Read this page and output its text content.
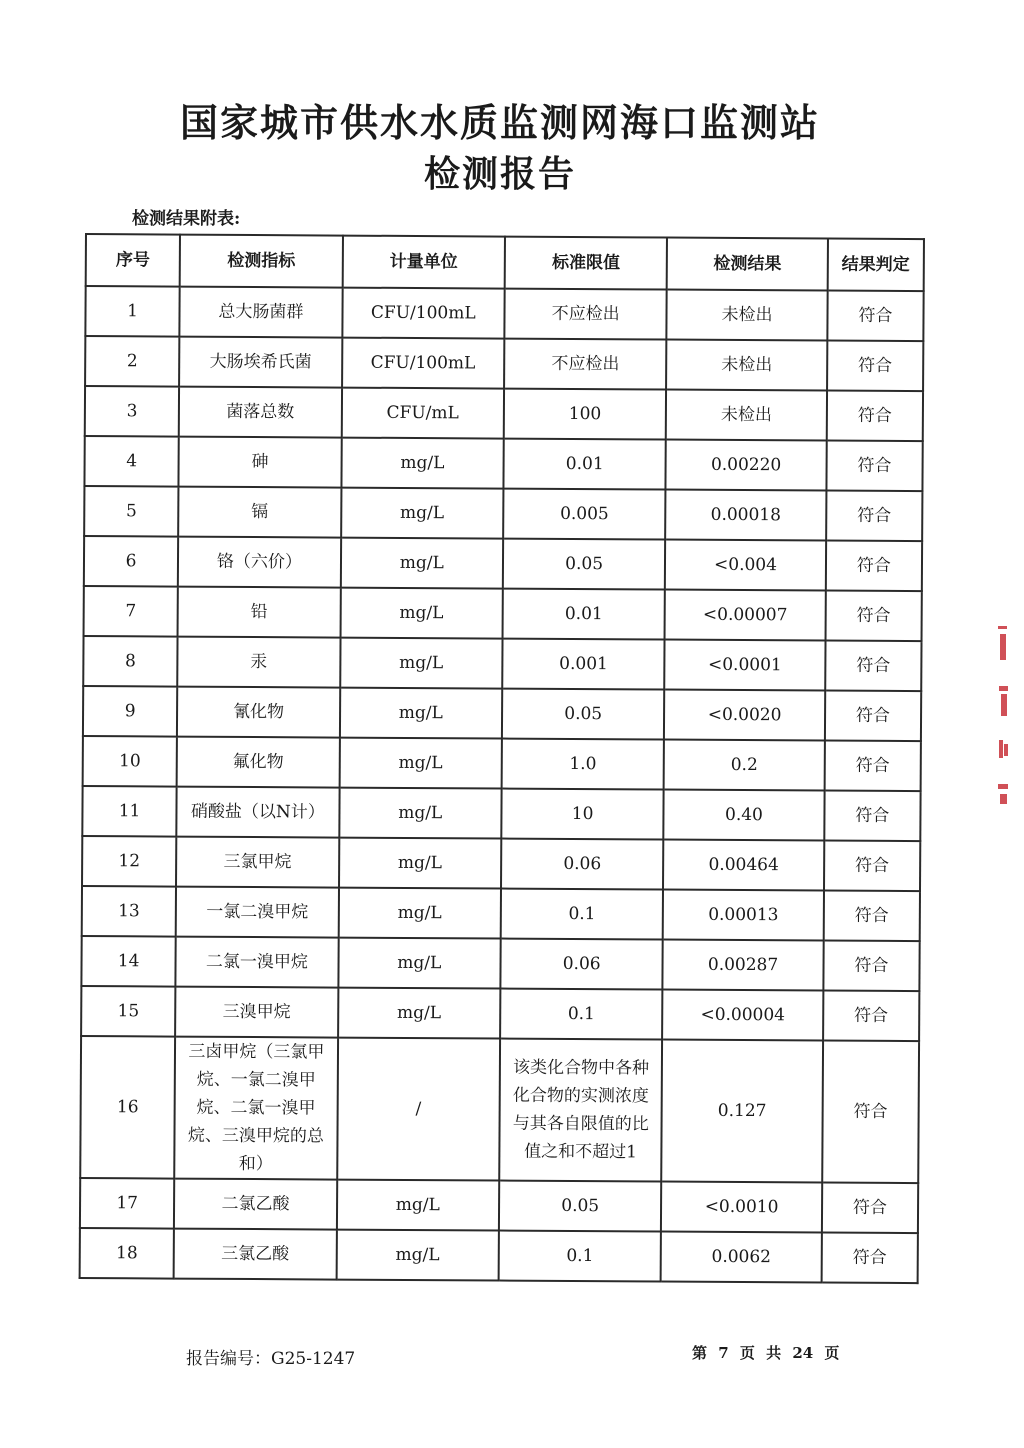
国家城市供水水质监测网海口监测站
检测报告
检测结果附表:
序号	检测指标	计量单位	标准限值	检测结果	结果判定
1	总大肠菌群	CFU/100mL	不应检出	未检出	符合
2	大肠埃希氏菌	CFU/100mL	不应检出	未检出	符合
3	菌落总数	CFU/mL	100	未检出	符合
4	砷	mg/L	0.01	0.00220	符合
5	镉	mg/L	0.005	0.00018	符合
6	铬（六价）	mg/L	0.05	<0.004	符合
7	铅	mg/L	0.01	<0.00007	符合
8	汞	mg/L	0.001	<0.0001	符合
9	氰化物	mg/L	0.05	<0.0020	符合
10	氟化物	mg/L	1.0	0.2	符合
11	硝酸盐（以N计）	mg/L	10	0.40	符合
12	三氯甲烷	mg/L	0.06	0.00464	符合
13	一氯二溴甲烷	mg/L	0.1	0.00013	符合
14	二氯一溴甲烷	mg/L	0.06	0.00287	符合
15	三溴甲烷	mg/L	0.1	<0.00004	符合
16	三卤甲烷（三氯甲烷、一氯二溴甲烷、二氯一溴甲烷、三溴甲烷的总和）	/	该类化合物中各种化合物的实测浓度与其各自限值的比值之和不超过1	0.127	符合
17	二氯乙酸	mg/L	0.05	<0.0010	符合
18	三氯乙酸	mg/L	0.1	0.0062	符合
报告编号：G25-1247	第 7 页 共 24 页
